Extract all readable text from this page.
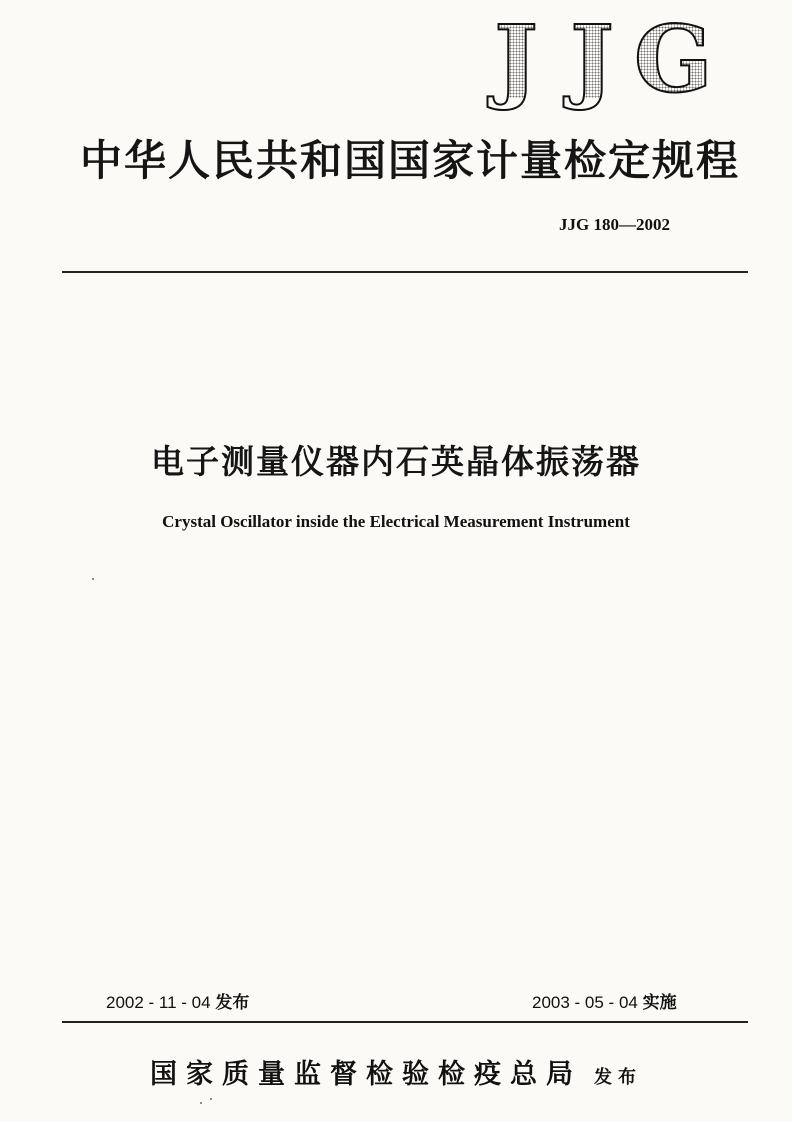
J J G
中华人民共和国国家计量检定规程
JJG 180—2002
电子测量仪器内石英晶体振荡器
Crystal Oscillator inside the Electrical Measurement Instrument
2002 - 11 - 04 发布	2003 - 05 - 04 实施
国家质量监督检验检疫总局 发布
